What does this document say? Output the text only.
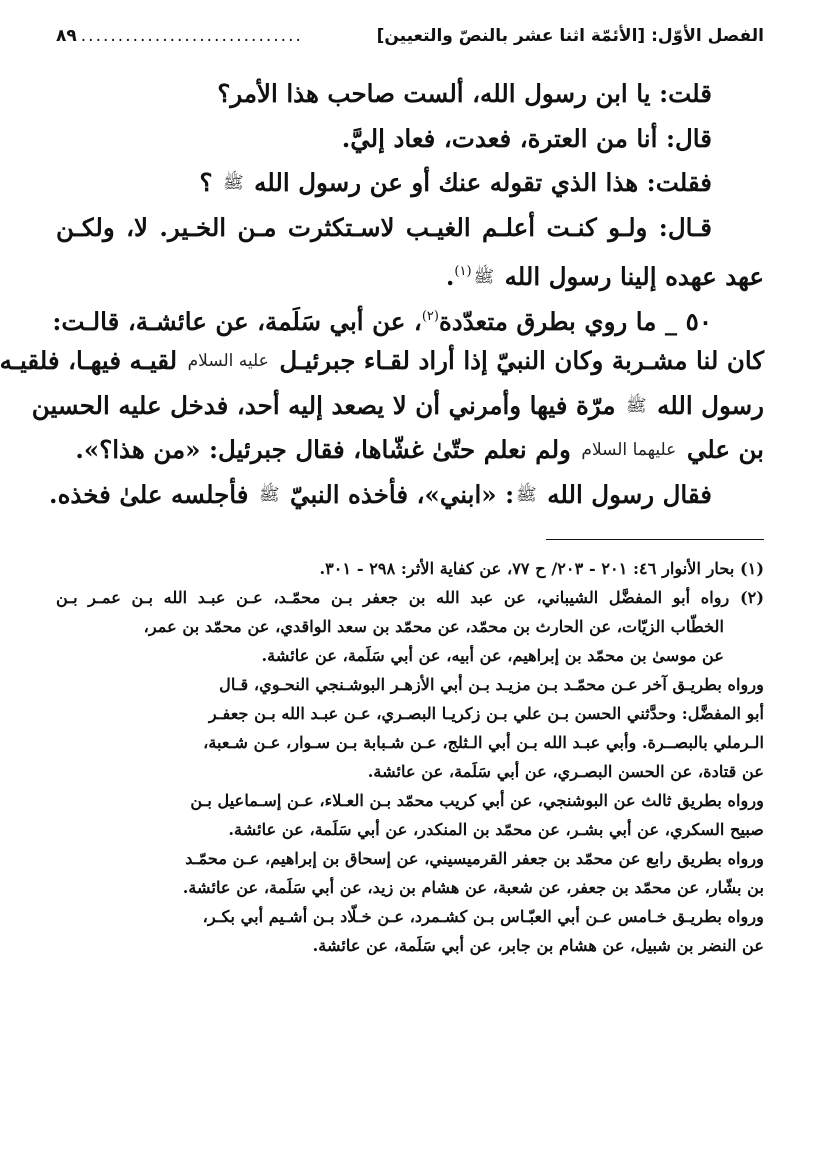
الفصل الأوّل: [الأئمّة اثنا عشر بالنصّ والتعيين]
..............................
٨٩
قلت: يا ابن رسول الله، ألست صاحب هذا الأمر؟
قال: أنا من العترة، فعدت، فعاد إليَّ.
فقلت: هذا الذي تقوله عنك أو عن رسول الله ﷺ ؟
قـال: ولـو كنـت أعلـم الغيـب لاسـتكثرت مـن الخـير. لا، ولكـن
عهد عهده إلينا رسول الله ﷺ$^{(١)}$.
٥٠ _ ما روي بطرق متعدّدة$^{(٢)}$، عن أبي سَلَمة، عن عائشـة، قالـت:
كان لنا مشـربة وكان النبيّ إذا أراد لقـاء جبرئيـل عليه السلام لقيـه فيهـا، فلقيـه
رسول الله ﷺ مرّة فيها وأمرني أن لا يصعد إليه أحد، فدخل عليه الحسين
بن علي عليهما السلام ولم نعلم حتّىٰ غشّاها، فقال جبرئيل: «من هذا؟».
فقال رسول الله ﷺ: «ابني»، فأخذه النبيّ ﷺ فأجلسه علىٰ فخذه.
(١) بحار الأنوار ٤٦: ٢٠١ - ٢٠٣/ ح ٧٧، عن كفاية الأثر: ٢٩٨ - ٣٠١.
(٢) رواه أبو المفضَّل الشيباني، عن عبد الله بن جعفر بـن محمّـد، عـن عبـد الله بـن عمـر بـن
الخطّاب الزيّات، عن الحارث بن محمّد، عن محمّد بن سعد الواقدي، عن محمّد بن عمر،
عن موسىٰ بن محمّد بن إبراهيم، عن أبيه، عن أبي سَلَمة، عن عائشة.
ورواه بطريـق آخر عـن محمّـد بـن مزيـد بـن أبي الأزهـر البوشـنجي النحـوي، قـال
أبو المفضَّل: وحدَّثني الحسن بـن علي بـن زكريـا البصـري، عـن عبـد الله بـن جعفـر
الـرملي بالبصــرة. وأبي عبـد الله بـن أبي الـثلج، عـن شـبابة بـن سـوار، عـن شـعبة،
عن قتادة، عن الحسن البصـري، عن أبي سَلَمة، عن عائشة.
ورواه بطريق ثالث عن البوشنجي، عن أبي كريب محمّد بـن العـلاء، عـن إسـماعيل بـن
صبيح السكري، عن أبي بشـر، عن محمّد بن المنكدر، عن أبي سَلَمة، عن عائشة.
ورواه بطريق رابع عن محمّد بن جعفر القرميسيني، عن إسحاق بن إبراهيم، عـن محمّـد
بن بشّار، عن محمّد بن جعفر، عن شعبة، عن هشام بن زيد، عن أبي سَلَمة، عن عائشة.
ورواه بطريـق خـامس عـن أبي العبّـاس بـن كشـمرد، عـن خـلّاد بـن أشـيم أبي بكـر،
عن النضر بن شبيل، عن هشام بن جابر، عن أبي سَلَمة، عن عائشة.
